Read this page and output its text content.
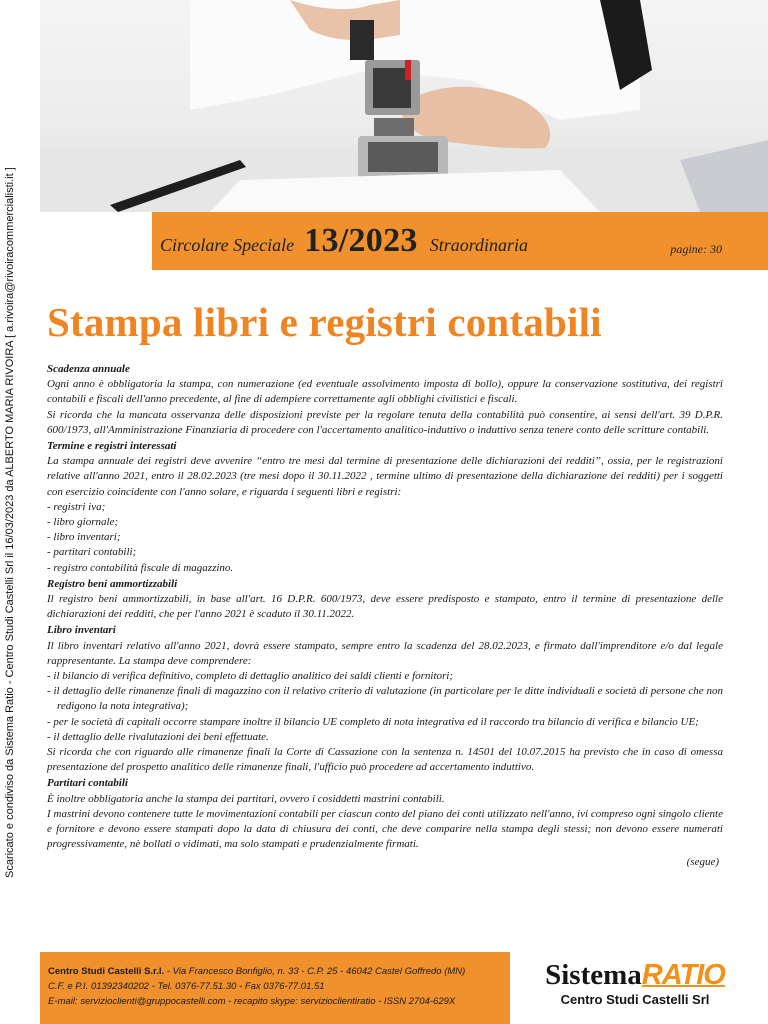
Circolare Speciale 13/2023 Straordinaria	pagine: 30
Scaricato e condiviso da Sistema Ratio - Centro Studi Castelli Srl il 16/03/2023 da ALBERTO MARIA RIVOIRA [ a.rivoira@rivoiracommercialisti.it ] Stampa libri e registri contabili
Scadenza annuale

Ogni anno è obbligatoria la stampa, con numerazione (ed eventuale assolvimento imposta di bollo), oppure la conservazione sostitutiva, dei registri contabili e fiscali dell'anno precedente, al fine di adempiere correttamente agli obblighi civilistici e fiscali.

Si ricorda che la mancata osservanza delle disposizioni previste per la regolare tenuta della contabilità può consentire, ai sensi dell'art. 39 D.P.R. 600/1973, all'Amministrazione Finanziaria di procedere con l'accertamento analitico-induttivo o induttivo senza tenere conto delle scritture contabili.

Termine e registri interessati

La stampa annuale dei registri deve avvenire “entro tre mesi dal termine di presentazione delle dichiarazioni dei redditi”, ossia, per le registrazioni relative all'anno 2021, entro il 28.02.2023 (tre mesi dopo il 30.11.2022 , termine ultimo di presentazione della dichiarazione dei redditi) per i soggetti con esercizio coincidente con l'anno solare, e riguarda i seguenti libri e registri:

- registri iva;
- libro giornale;
- libro inventari;
- partitari contabili;
- registro contabilità fiscale di magazzino.
Registro beni ammortizzabili

Il registro beni ammortizzabili, in base all'art. 16 D.P.R. 600/1973, deve essere predisposto e stampato, entro il termine di presentazione delle dichiarazioni dei redditi, che per l'anno 2021 è scaduto il 30.11.2022.

Libro inventari

Il libro inventari relativo all'anno 2021, dovrà essere stampato, sempre entro la scadenza del 28.02.2023, e firmato dall'imprenditore e/o dal legale rappresentante. La stampa deve comprendere:

- il bilancio di verifica definitivo, completo di dettaglio analitico dei saldi clienti e fornitori;
- il dettaglio delle rimanenze finali di magazzino con il relativo criterio di valutazione (in particolare per le ditte individuali e società di persone che non redigono la nota integrativa);
- per le società di capitali occorre stampare inoltre il bilancio UE completo di nota integrativa ed il raccordo tra bilancio di verifica e bilancio UE;
- il dettaglio delle rivalutazioni dei beni effettuate.

Si ricorda che con riguardo alle rimanenze finali la Corte di Cassazione con la sentenza n. 14501 del 10.07.2015 ha previsto che in caso di omessa presentazione del prospetto analitico delle rimanenze finali, l'ufficio può procedere ad accertamento induttivo.

Partitari contabili

È inoltre obbligatoria anche la stampa dei partitari, ovvero i cosiddetti mastrini contabili.

I mastrini devono contenere tutte le movimentazioni contabili per ciascun conto del piano dei conti utilizzato nell'anno, ivi compreso ogni singolo cliente e fornitore e devono essere stampati dopo la data di chiusura dei conti, che deve comparire nella stampa degli stessi; non devono essere numerati progressivamente, nè bollati o vidimati, ma solo stampati e prudenzialmente firmati.

(segue)
Centro Studi Castelli S.r.l. - Via Francesco Bonfiglio, n. 33 - C.P. 25 - 46042 Castel Goffredo (MN)
C.F. e P.I. 01392340202 - Tel. 0376-77.51.30 - Fax 0376-77.01.51
E-mail: servizioclienti@gruppocastelli.com - recapito skype: servizioclientiratio - ISSN 2704-629X
SistemaRATIO
Centro Studi Castelli Srl
